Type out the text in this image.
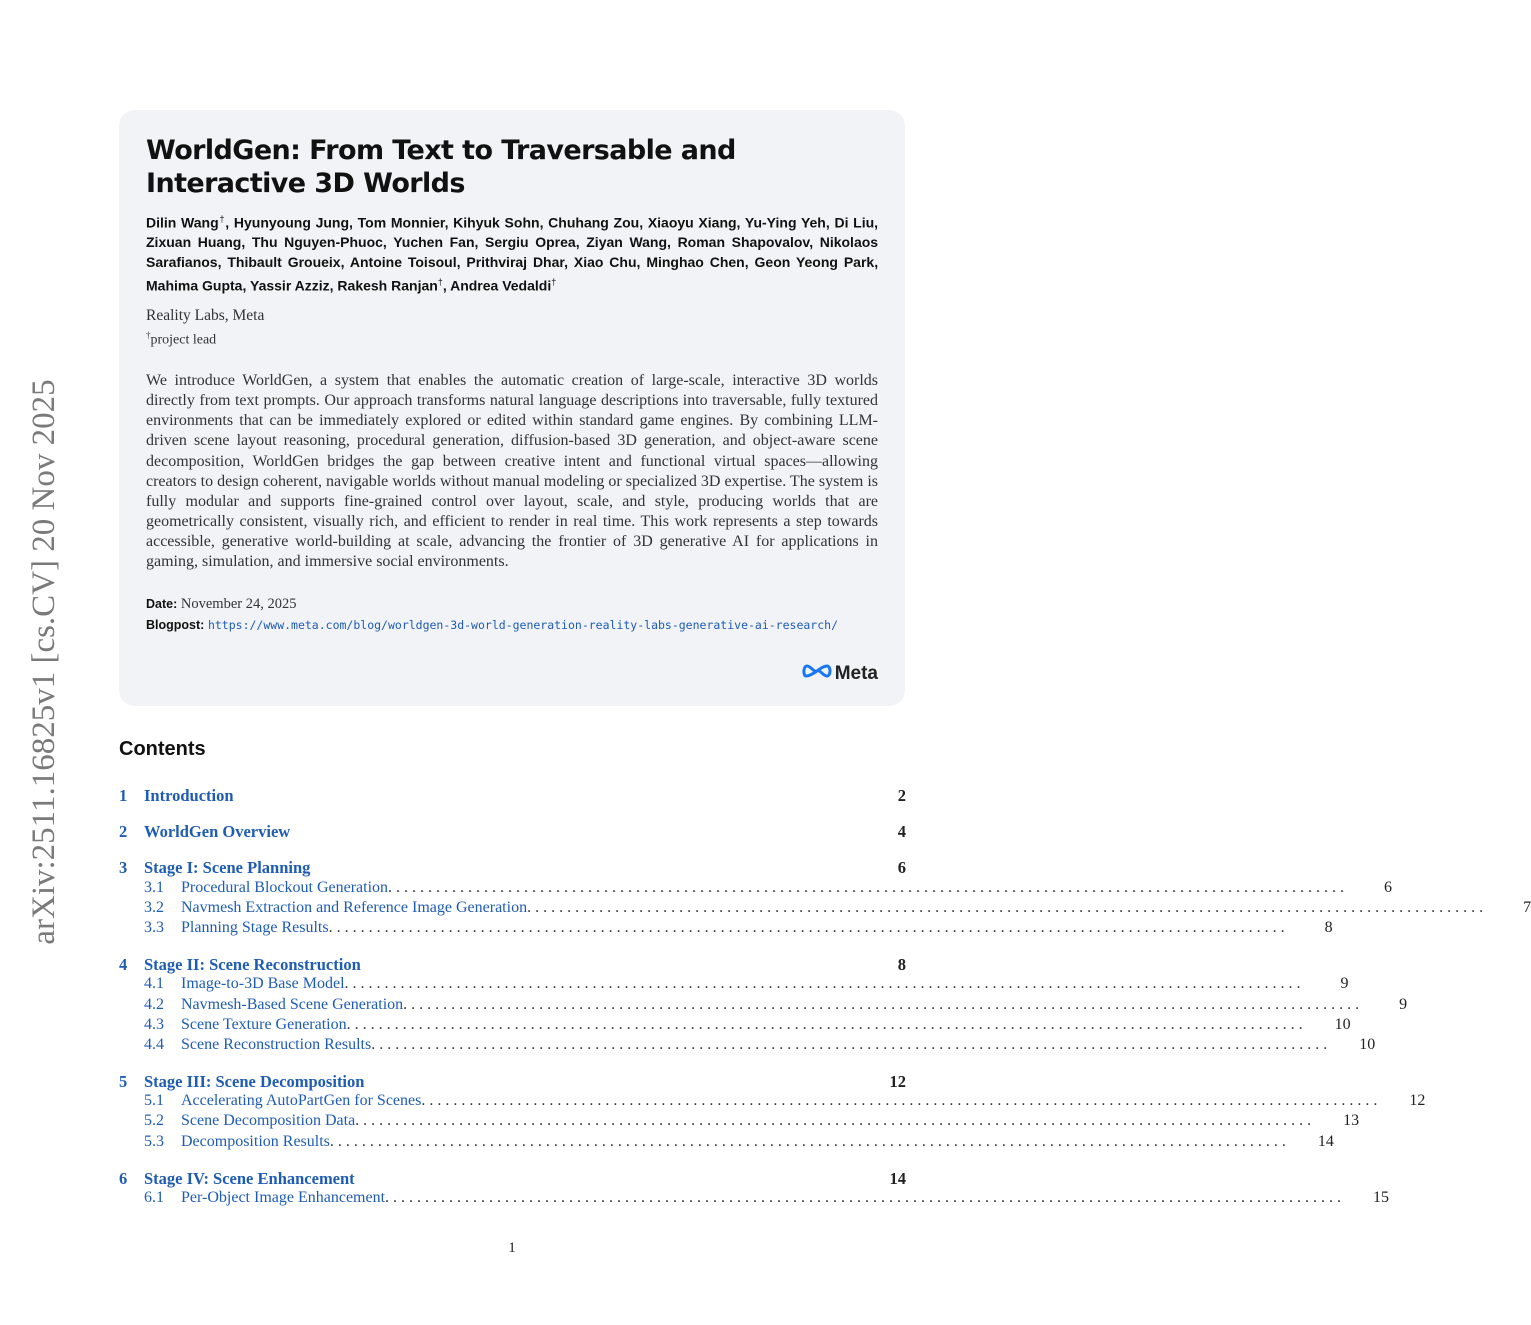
arXiv:2511.16825v1 [cs.CV] 20 Nov 2025
WorldGen: From Text to Traversable and Interactive 3D Worlds
Dilin Wang†, Hyunyoung Jung, Tom Monnier, Kihyuk Sohn, Chuhang Zou, Xiaoyu Xiang, Yu-Ying Yeh, Di Liu, Zixuan Huang, Thu Nguyen-Phuoc, Yuchen Fan, Sergiu Oprea, Ziyan Wang, Roman Shapovalov, Nikolaos Sarafianos, Thibault Groueix, Antoine Toisoul, Prithviraj Dhar, Xiao Chu, Minghao Chen, Geon Yeong Park, Mahima Gupta, Yassir Azziz, Rakesh Ranjan†, Andrea Vedaldi†
Reality Labs, Meta
†project lead
We introduce WorldGen, a system that enables the automatic creation of large-scale, interactive 3D worlds directly from text prompts. Our approach transforms natural language descriptions into traversable, fully textured environments that can be immediately explored or edited within standard game engines. By combining LLM-driven scene layout reasoning, procedural generation, diffusion-based 3D generation, and object-aware scene decomposition, WorldGen bridges the gap between creative intent and functional virtual spaces—allowing creators to design coherent, navigable worlds without manual modeling or specialized 3D expertise. The system is fully modular and supports fine-grained control over layout, scale, and style, producing worlds that are geometrically consistent, visually rich, and efficient to render in real time. This work represents a step towards accessible, generative world-building at scale, advancing the frontier of 3D generative AI for applications in gaming, simulation, and immersive social environments.
Date: November 24, 2025
Blogpost: https://www.meta.com/blog/worldgen-3d-world-generation-reality-labs-generative-ai-research/
Meta
Contents
1	Introduction	2
2	WorldGen Overview	4
3	Stage I: Scene Planning	6
3.1	Procedural Blockout Generation . . . . . . . . . . . . . . . . . . . . . . . . . . . . . . . . . . . . . . . . . . . . . . . . . . . . . . . . . . . . . . . . . . . . . . . . . . . . . . . . . . . . . . . . . . . . . . . . . . . . . . . . . . . . . . . . . . . . . . . .	6
3.2	Navmesh Extraction and Reference Image Generation . . . . . . . . . . . . . . . . . . . . . . . . . . . . . . . . . . . . . . . . . . . . . . . . . . . . . . . . . . . . . . . . . . . . . . . . . . . . . . . . . . . . . . . . . . . . . . . . . . . . . . . . . . . . . . . . . . . . . . . .	7
3.3	Planning Stage Results . . . . . . . . . . . . . . . . . . . . . . . . . . . . . . . . . . . . . . . . . . . . . . . . . . . . . . . . . . . . . . . . . . . . . . . . . . . . . . . . . . . . . . . . . . . . . . . . . . . . . . . . . . . . . . . . . . . . . . . .	8
4	Stage II: Scene Reconstruction	8
4.1	Image-to-3D Base Model . . . . . . . . . . . . . . . . . . . . . . . . . . . . . . . . . . . . . . . . . . . . . . . . . . . . . . . . . . . . . . . . . . . . . . . . . . . . . . . . . . . . . . . . . . . . . . . . . . . . . . . . . . . . . . . . . . . . . . . .	9
4.2	Navmesh-Based Scene Generation . . . . . . . . . . . . . . . . . . . . . . . . . . . . . . . . . . . . . . . . . . . . . . . . . . . . . . . . . . . . . . . . . . . . . . . . . . . . . . . . . . . . . . . . . . . . . . . . . . . . . . . . . . . . . . . . . . . . . . . .	9
4.3	Scene Texture Generation . . . . . . . . . . . . . . . . . . . . . . . . . . . . . . . . . . . . . . . . . . . . . . . . . . . . . . . . . . . . . . . . . . . . . . . . . . . . . . . . . . . . . . . . . . . . . . . . . . . . . . . . . . . . . . . . . . . . . . . .	10
4.4	Scene Reconstruction Results . . . . . . . . . . . . . . . . . . . . . . . . . . . . . . . . . . . . . . . . . . . . . . . . . . . . . . . . . . . . . . . . . . . . . . . . . . . . . . . . . . . . . . . . . . . . . . . . . . . . . . . . . . . . . . . . . . . . . . . .	10
5	Stage III: Scene Decomposition	12
5.1	Accelerating AutoPartGen for Scenes . . . . . . . . . . . . . . . . . . . . . . . . . . . . . . . . . . . . . . . . . . . . . . . . . . . . . . . . . . . . . . . . . . . . . . . . . . . . . . . . . . . . . . . . . . . . . . . . . . . . . . . . . . . . . . . . . . . . . . . .	12
5.2	Scene Decomposition Data . . . . . . . . . . . . . . . . . . . . . . . . . . . . . . . . . . . . . . . . . . . . . . . . . . . . . . . . . . . . . . . . . . . . . . . . . . . . . . . . . . . . . . . . . . . . . . . . . . . . . . . . . . . . . . . . . . . . . . . .	13
5.3	Decomposition Results . . . . . . . . . . . . . . . . . . . . . . . . . . . . . . . . . . . . . . . . . . . . . . . . . . . . . . . . . . . . . . . . . . . . . . . . . . . . . . . . . . . . . . . . . . . . . . . . . . . . . . . . . . . . . . . . . . . . . . . .	14
6	Stage IV: Scene Enhancement	14
6.1	Per-Object Image Enhancement . . . . . . . . . . . . . . . . . . . . . . . . . . . . . . . . . . . . . . . . . . . . . . . . . . . . . . . . . . . . . . . . . . . . . . . . . . . . . . . . . . . . . . . . . . . . . . . . . . . . . . . . . . . . . . . . . . . . . . . .	15
1
